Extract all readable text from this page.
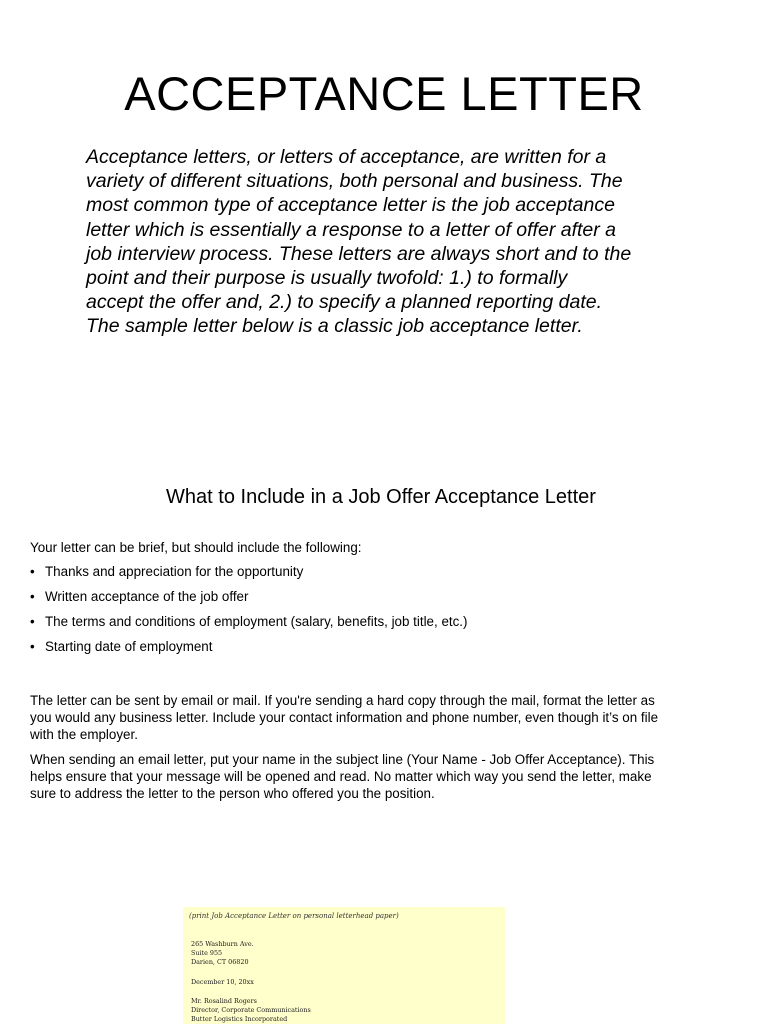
ACCEPTANCE LETTER
Acceptance letters, or letters of acceptance, are written for a
variety of different situations, both personal and business. The
most common type of acceptance letter is the job acceptance
letter which is essentially a response to a letter of offer after a
job interview process. These letters are always short and to the
point and their purpose is usually twofold: 1.) to formally
accept the offer and, 2.) to specify a planned reporting date.
The sample letter below is a classic job acceptance letter.
What to Include in a Job Offer Acceptance Letter
Your letter can be brief, but should include the following:
• Thanks and appreciation for the opportunity
• Written acceptance of the job offer
• The terms and conditions of employment (salary, benefits, job title, etc.)
• Starting date of employment
The letter can be sent by email or mail. If you're sending a hard copy through the mail, format the letter as
you would any business letter. Include your contact information and phone number, even though it’s on file
with the employer.
When sending an email letter, put your name in the subject line (Your Name - Job Offer Acceptance). This
helps ensure that your message will be opened and read. No matter which way you send the letter, make
sure to address the letter to the person who offered you the position.
(print Job Acceptance Letter on personal letterhead paper)
265 Washburn Ave.
Suite 955
Darien, CT 06820
December 10, 20xx
Mr. Rosalind Rogers
Director, Corporate Communications
Butter Logistics Incorporated
